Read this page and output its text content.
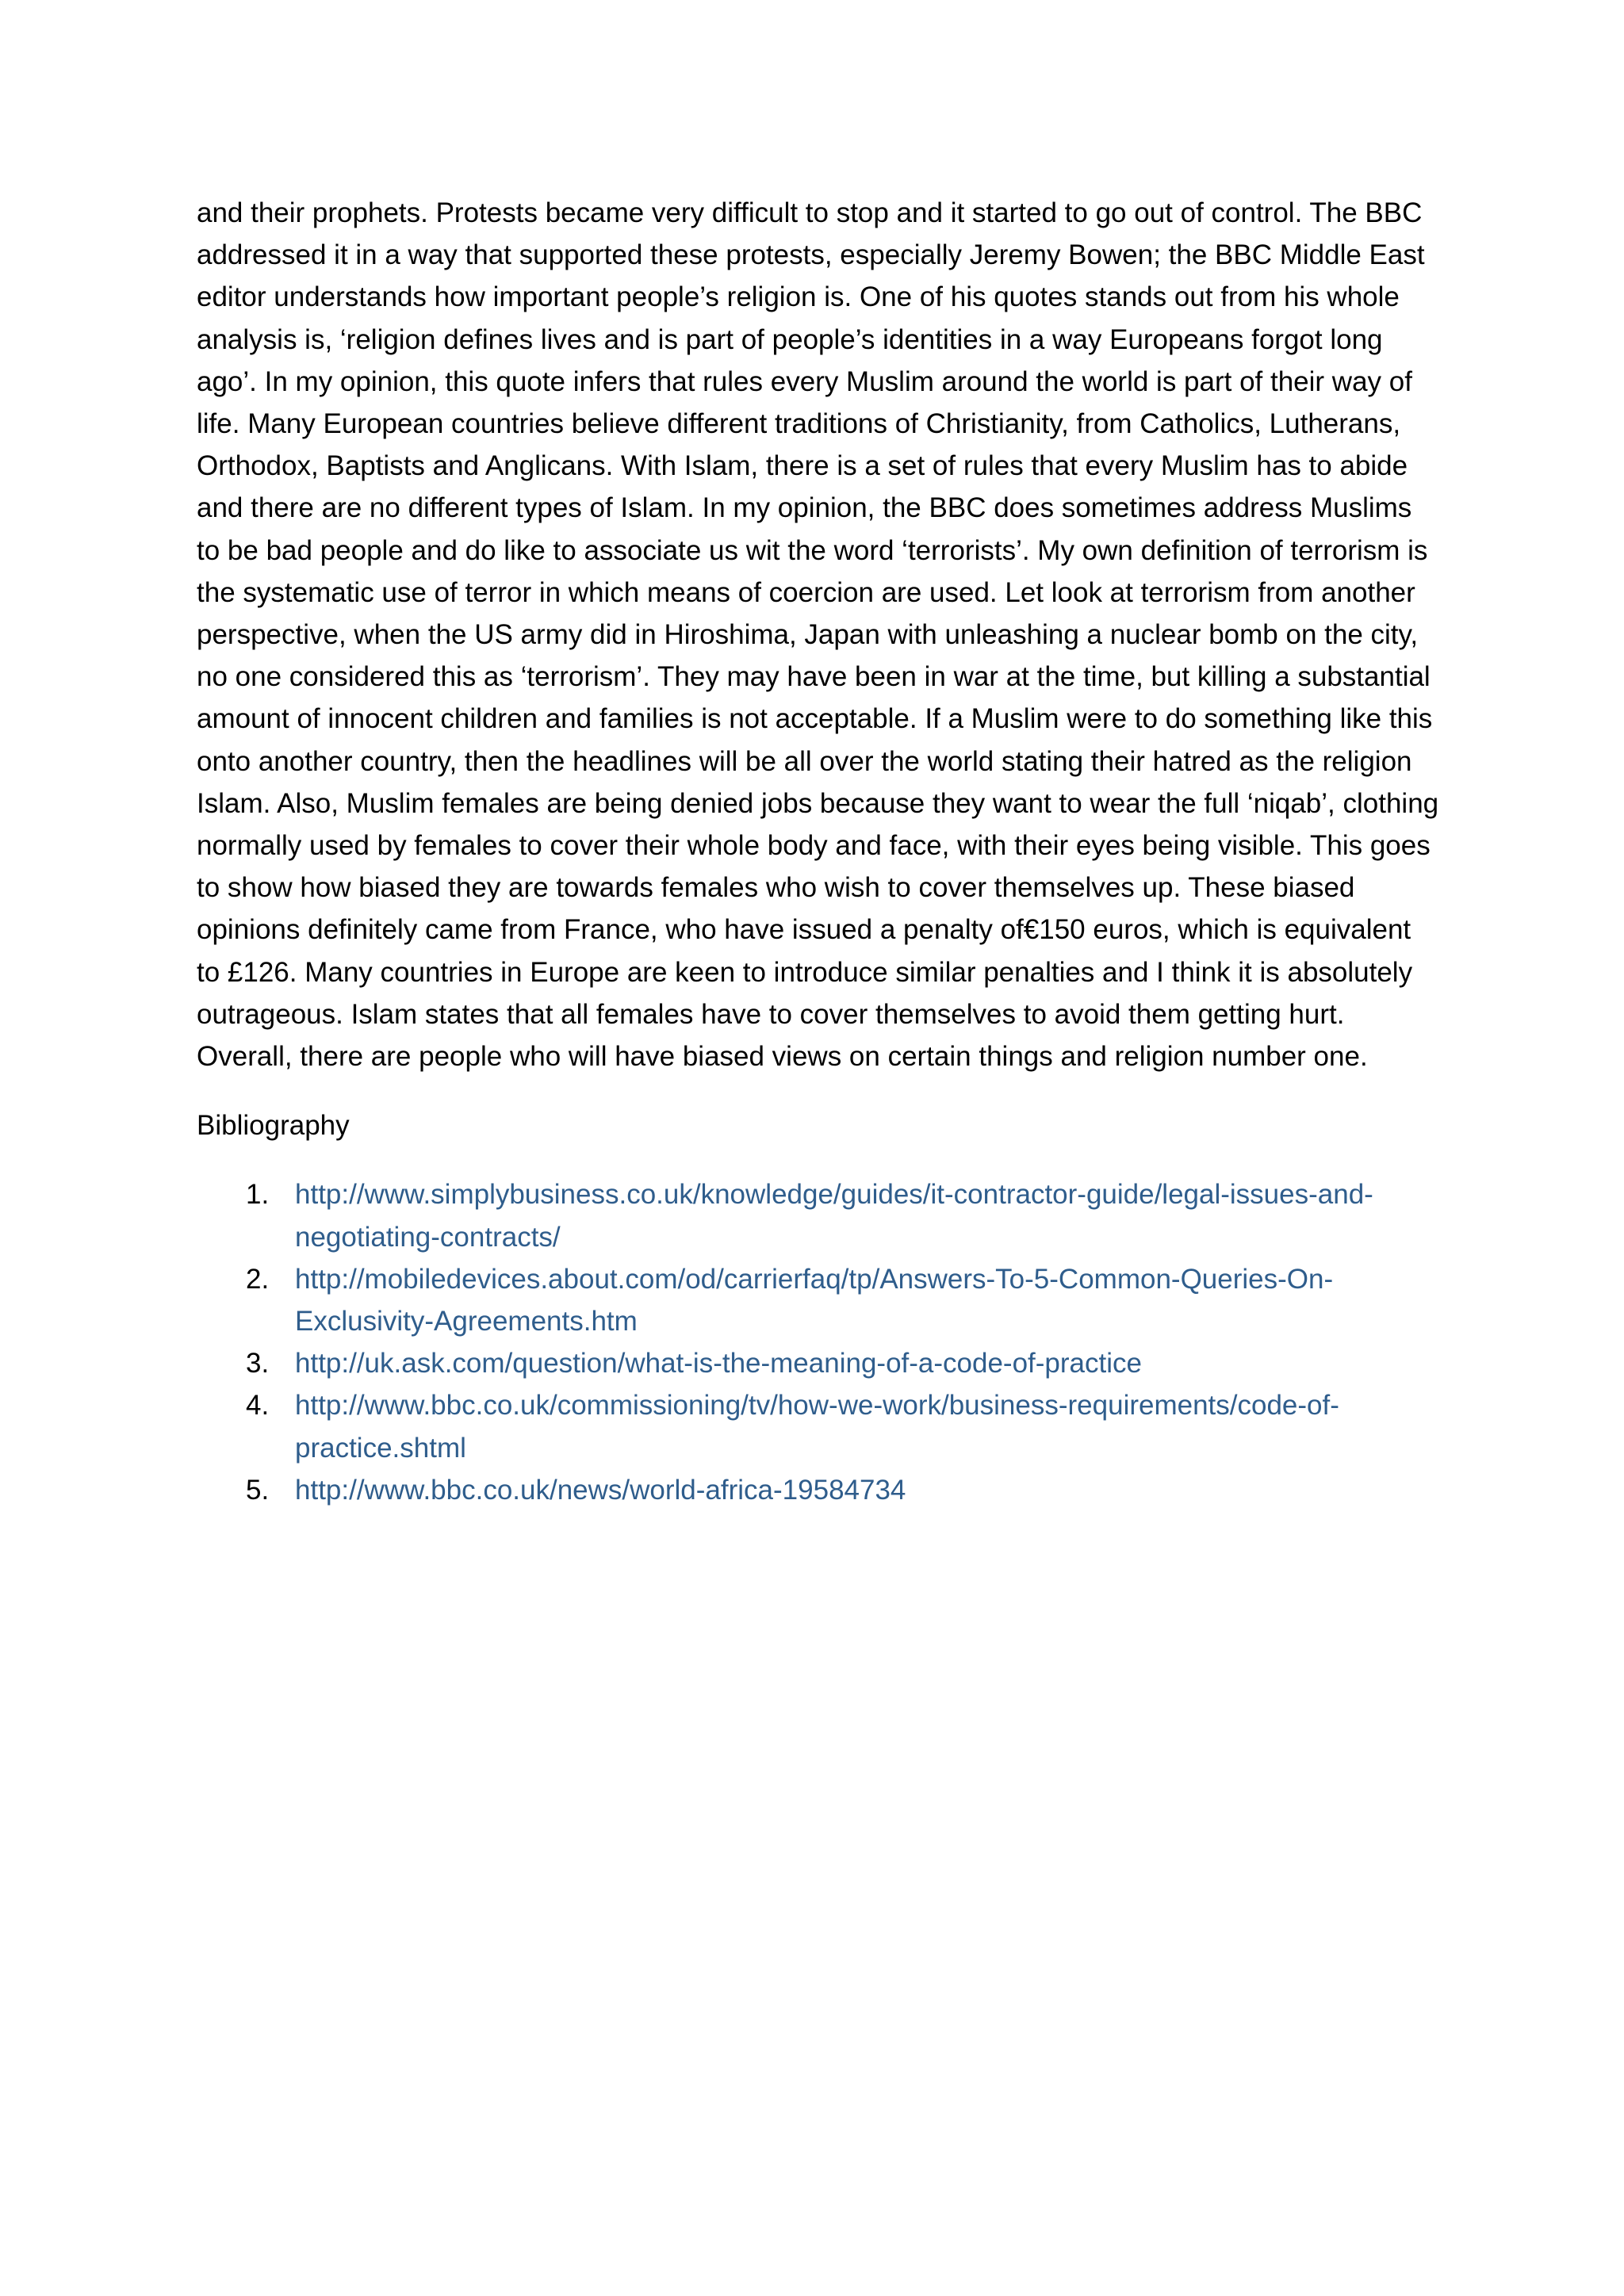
and their prophets. Protests became very difficult to stop and it started to go out of control. The BBC addressed it in a way that supported these protests, especially Jeremy Bowen; the BBC Middle East editor understands how important people’s religion is. One of his quotes stands out from his whole analysis is, ‘religion defines lives and is part of people’s identities in a way Europeans forgot long ago’. In my opinion, this quote infers that rules every Muslim around the world is part of their way of life. Many European countries believe different traditions of Christianity, from Catholics, Lutherans, Orthodox, Baptists and Anglicans. With Islam, there is a set of rules that every Muslim has to abide and there are no different types of Islam. In my opinion, the BBC does sometimes address Muslims to be bad people and do like to associate us wit the word ‘terrorists’. My own definition of terrorism is the systematic use of terror in which means of coercion are used. Let look at terrorism from another perspective, when the US army did in Hiroshima, Japan with unleashing a nuclear bomb on the city, no one considered this as ‘terrorism’. They may have been in war at the time, but killing a substantial amount of innocent children and families is not acceptable. If a Muslim were to do something like this onto another country, then the headlines will be all over the world stating their hatred as the religion Islam. Also, Muslim females are being denied jobs because they want to wear the full ‘niqab’, clothing normally used by females to cover their whole body and face, with their eyes being visible. This goes to show how biased they are towards females who wish to cover themselves up. These biased opinions definitely came from France, who have issued a penalty of€150 euros, which is equivalent to £126. Many countries in Europe are keen to introduce similar penalties and I think it is absolutely outrageous. Islam states that all females have to cover themselves to avoid them getting hurt. Overall, there are people who will have biased views on certain things and religion number one.

Bibliography

1. http://www.simplybusiness.co.uk/knowledge/guides/it-contractor-guide/legal-issues-and-negotiating-contracts/
2. http://mobiledevices.about.com/od/carrierfaq/tp/Answers-To-5-Common-Queries-On-Exclusivity-Agreements.htm
3. http://uk.ask.com/question/what-is-the-meaning-of-a-code-of-practice
4. http://www.bbc.co.uk/commissioning/tv/how-we-work/business-requirements/code-of-practice.shtml
5. http://www.bbc.co.uk/news/world-africa-19584734
